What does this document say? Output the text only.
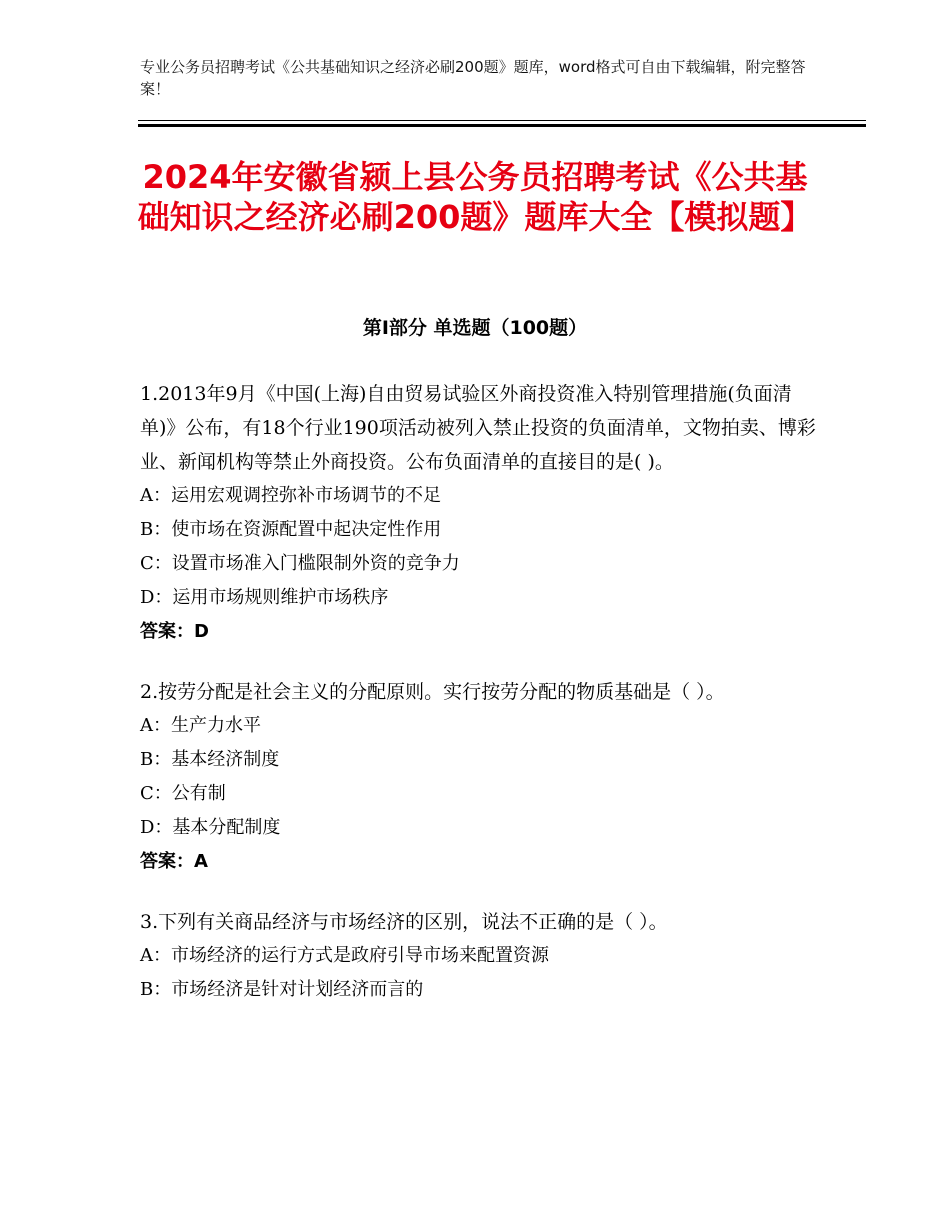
专业公务员招聘考试《公共基础知识之经济必刷200题》题库，word格式可自由下载编辑，附完整答案！
2024年安徽省颍上县公务员招聘考试《公共基础知识之经济必刷200题》题库大全【模拟题】
第Ⅰ部分 单选题（100题）

1.2013年9月《中国(上海)自由贸易试验区外商投资准入特别管理措施(负面清单)》公布，有18个行业190项活动被列入禁止投资的负面清单，文物拍卖、博彩业、新闻机构等禁止外商投资。公布负面清单的直接目的是( )。

A：运用宏观调控弥补市场调节的不足

B：使市场在资源配置中起决定性作用

C：设置市场准入门槛限制外资的竞争力

D：运用市场规则维护市场秩序

答案：D

2.按劳分配是社会主义的分配原则。实行按劳分配的物质基础是（ ）。

A：生产力水平

B：基本经济制度

C：公有制

D：基本分配制度

答案：A

3.下列有关商品经济与市场经济的区别，说法不正确的是（ ）。

A：市场经济的运行方式是政府引导市场来配置资源

B：市场经济是针对计划经济而言的
